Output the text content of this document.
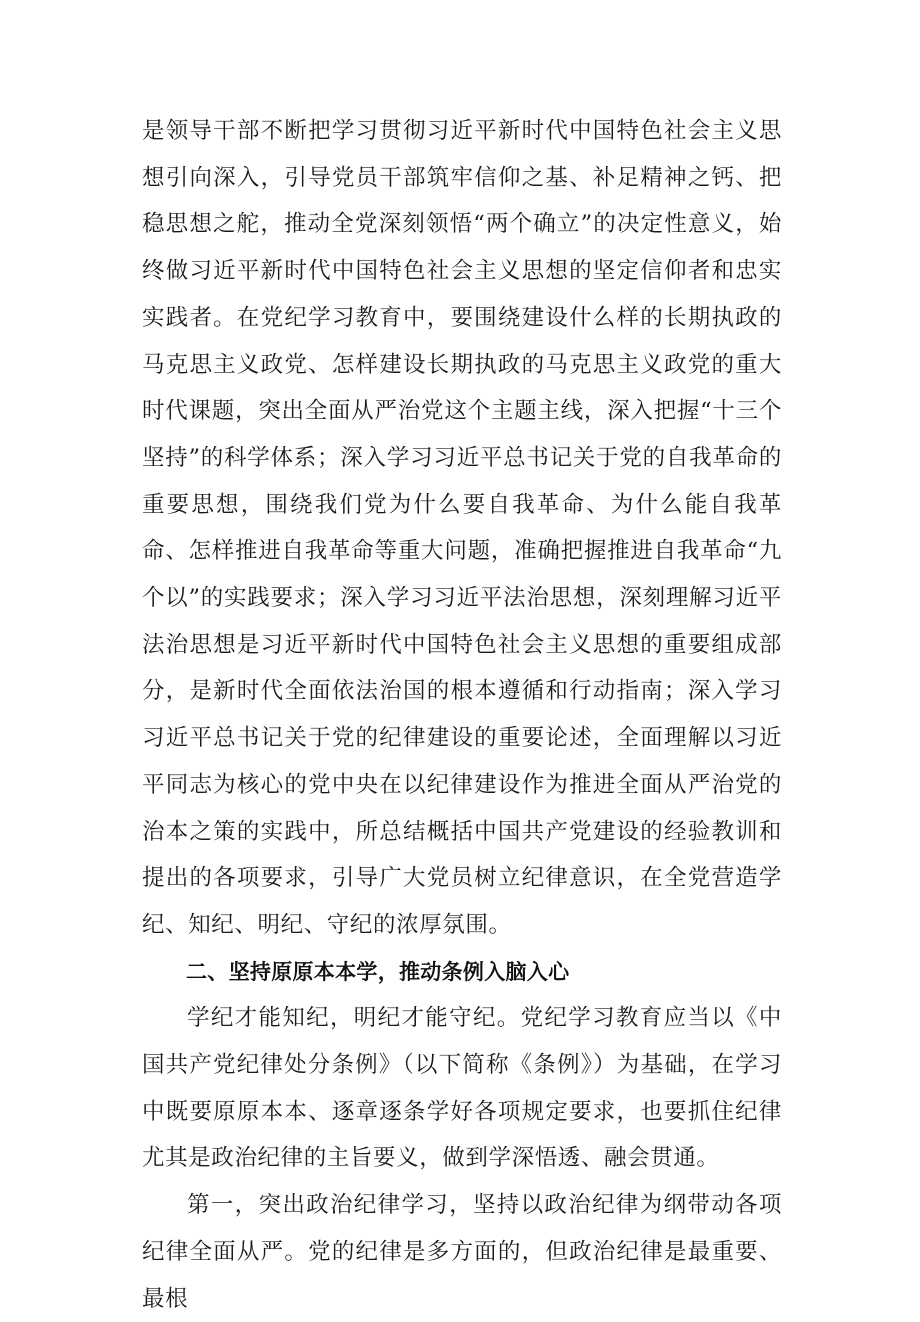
是领导干部不断把学习贯彻习近平新时代中国特色社会主义思想引向深入，引导党员干部筑牢信仰之基、补足精神之钙、把稳思想之舵，推动全党深刻领悟“两个确立”的决定性意义，始终做习近平新时代中国特色社会主义思想的坚定信仰者和忠实实践者。在党纪学习教育中，要围绕建设什么样的长期执政的马克思主义政党、怎样建设长期执政的马克思主义政党的重大时代课题，突出全面从严治党这个主题主线，深入把握“十三个坚持”的科学体系；深入学习习近平总书记关于党的自我革命的重要思想，围绕我们党为什么要自我革命、为什么能自我革命、怎样推进自我革命等重大问题，准确把握推进自我革命“九个以”的实践要求；深入学习习近平法治思想，深刻理解习近平法治思想是习近平新时代中国特色社会主义思想的重要组成部分，是新时代全面依法治国的根本遵循和行动指南；深入学习习近平总书记关于党的纪律建设的重要论述，全面理解以习近平同志为核心的党中央在以纪律建设作为推进全面从严治党的治本之策的实践中，所总结概括中国共产党建设的经验教训和提出的各项要求，引导广大党员树立纪律意识，在全党营造学纪、知纪、明纪、守纪的浓厚氛围。

二、坚持原原本本学，推动条例入脑入心

学纪才能知纪，明纪才能守纪。党纪学习教育应当以《中国共产党纪律处分条例》（以下简称《条例》）为基础，在学习中既要原原本本、逐章逐条学好各项规定要求，也要抓住纪律尤其是政治纪律的主旨要义，做到学深悟透、融会贯通。

第一，突出政治纪律学习，坚持以政治纪律为纲带动各项纪律全面从严。党的纪律是多方面的，但政治纪律是最重要、最根
